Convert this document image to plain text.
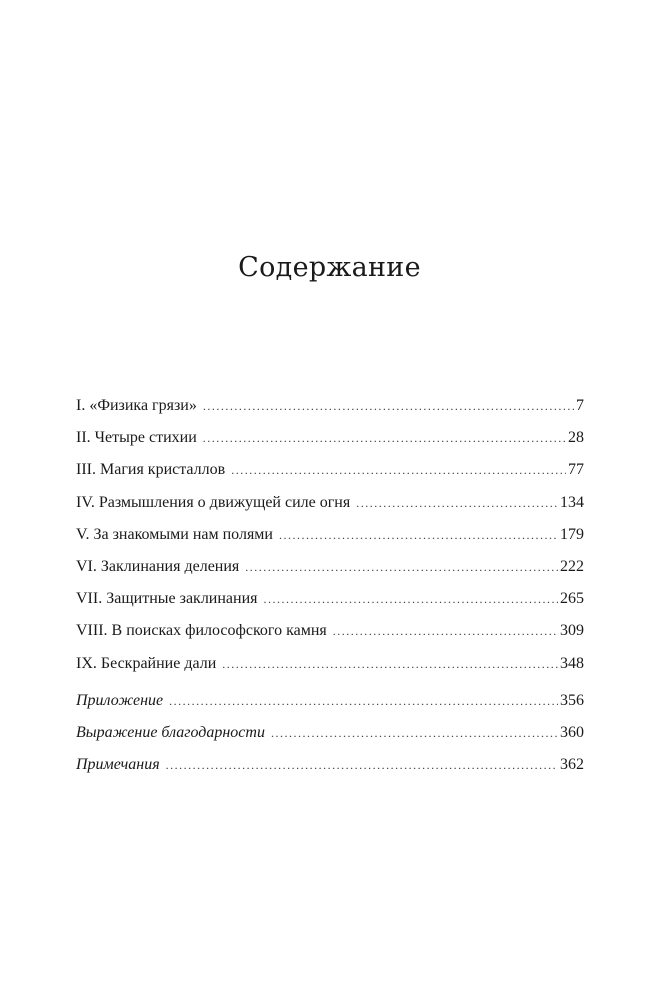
Содержание
I. «Физика грязи» .....	7
II. Четыре стихии .....	28
III. Магия кристаллов .....	77
IV. Размышления о движущей силе огня .....	134
V. За знакомыми нам полями .....	179
VI. Заклинания деления .....	222
VII. Защитные заклинания .....	265
VIII. В поисках философского камня .....	309
IX. Бескрайние дали .....	348
Приложение .....	356
Выражение благодарности .....	360
Примечания .....	362
